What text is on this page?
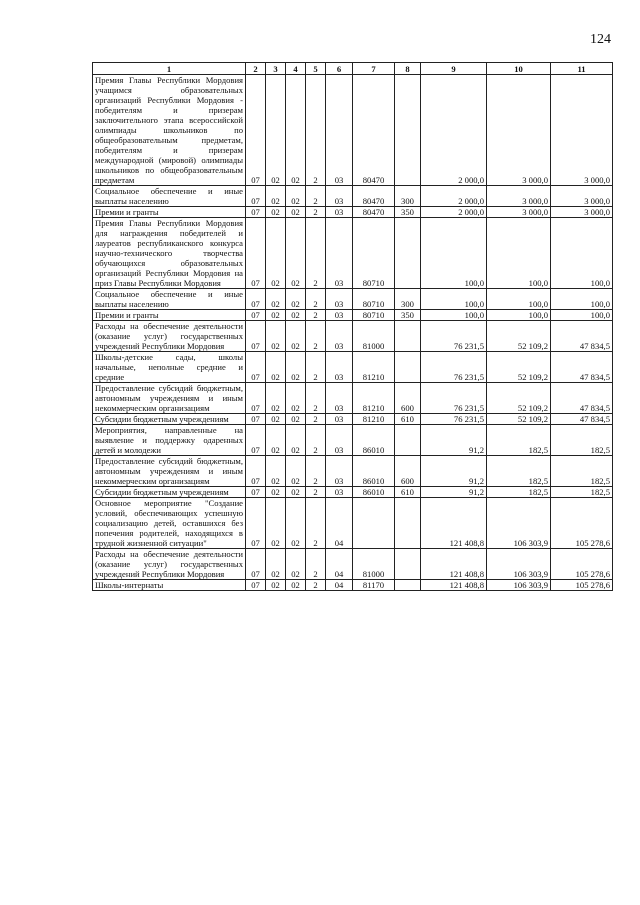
124
1	2	3	4	5	6	7	8	9	10	11
Премия Главы Республики Мордовия учащимся образовательных организаций Республики Мордовия - победителям и призерам заключительного этапа всероссийской олимпиады школьников по общеобразовательным предметам, победителям и призерам международной (мировой) олимпиады школьников по общеобразовательным предметам	07	02	02	2	03	80470		2 000,0	3 000,0	3 000,0
Социальное обеспечение и иные выплаты населению	07	02	02	2	03	80470	300	2 000,0	3 000,0	3 000,0
Премии и гранты	07	02	02	2	03	80470	350	2 000,0	3 000,0	3 000,0
Премия Главы Республики Мордовия для награждения победителей и лауреатов республиканского конкурса научно-технического творчества обучающихся образовательных организаций Республики Мордовия на приз Главы Республики Мордовия	07	02	02	2	03	80710		100,0	100,0	100,0
Социальное обеспечение и иные выплаты населению	07	02	02	2	03	80710	300	100,0	100,0	100,0
Премии и гранты	07	02	02	2	03	80710	350	100,0	100,0	100,0
Расходы на обеспечение деятельности (оказание услуг) государственных учреждений Республики Мордовия	07	02	02	2	03	81000		76 231,5	52 109,2	47 834,5
Школы-детские сады, школы начальные, неполные средние и средние	07	02	02	2	03	81210		76 231,5	52 109,2	47 834,5
Предоставление субсидий бюджетным, автономным учреждениям и иным некоммерческим организациям	07	02	02	2	03	81210	600	76 231,5	52 109,2	47 834,5
Субсидии бюджетным учреждениям	07	02	02	2	03	81210	610	76 231,5	52 109,2	47 834,5
Мероприятия, направленные на выявление и поддержку одаренных детей и молодежи	07	02	02	2	03	86010		91,2	182,5	182,5
Предоставление субсидий бюджетным, автономным учреждениям и иным некоммерческим организациям	07	02	02	2	03	86010	600	91,2	182,5	182,5
Субсидии бюджетным учреждениям	07	02	02	2	03	86010	610	91,2	182,5	182,5
Основное мероприятие "Создание условий, обеспечивающих успешную социализацию детей, оставшихся без попечения родителей, находящихся в трудной жизненной ситуации"	07	02	02	2	04			121 408,8	106 303,9	105 278,6
Расходы на обеспечение деятельности (оказание услуг) государственных учреждений Республики Мордовия	07	02	02	2	04	81000		121 408,8	106 303,9	105 278,6
Школы-интернаты	07	02	02	2	04	81170		121 408,8	106 303,9	105 278,6
